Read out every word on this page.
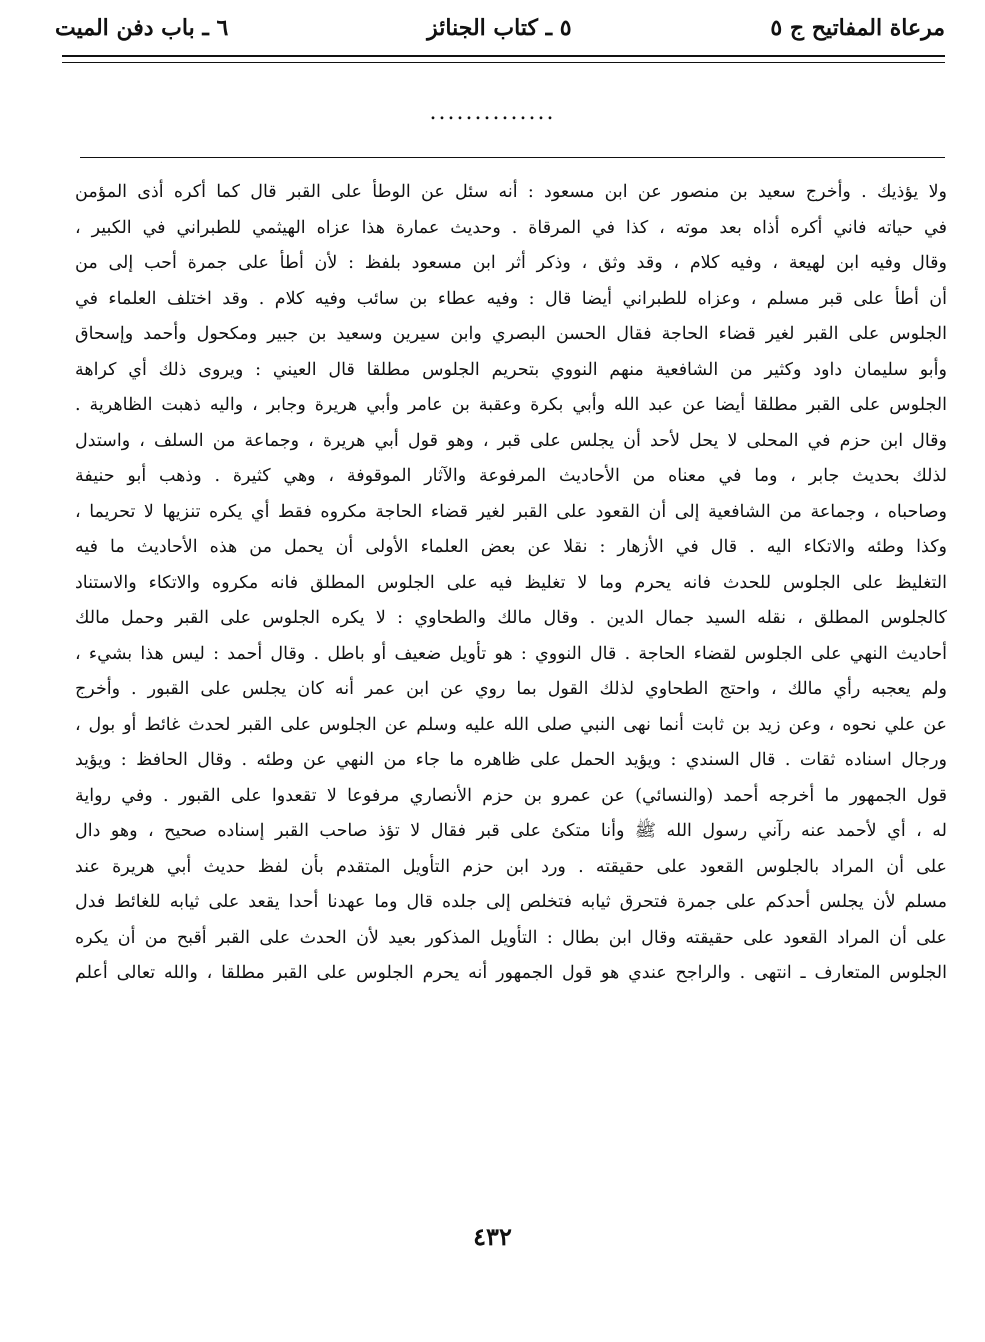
مرعاة المفاتيح ج ٥
٥ ـ كتاب الجنائز
٦ ـ باب دفن الميت
..............
ولا يؤذيك . وأخرج سعيد بن منصور عن ابن مسعود : أنه سئل عن الوطأ على القبر قال كما أكره أذى المؤمن
في حياته فاني أكره أذاه بعد موته ، كذا في المرقاة . وحديث عمارة هذا عزاه الهيثمي للطبراني في الكبير ،
وقال وفيه ابن لهيعة ، وفيه كلام ، وقد وثق ، وذكر أثر ابن مسعود بلفظ : لأن أطأ على جمرة أحب إلى من
أن أطأ على قبر مسلم ، وعزاه للطبراني أيضا قال : وفيه عطاء بن سائب وفيه كلام . وقد اختلف العلماء في
الجلوس على القبر لغير قضاء الحاجة فقال الحسن البصري وابن سيرين وسعيد بن جبير ومكحول وأحمد وإسحاق
وأبو سليمان داود وكثير من الشافعية منهم النووي بتحريم الجلوس مطلقا قال العيني : ويروى ذلك أي كراهة
الجلوس على القبر مطلقا أيضا عن عبد الله وأبي بكرة وعقبة بن عامر وأبي هريرة وجابر ، واليه ذهبت الظاهرية .
وقال ابن حزم في المحلى لا يحل لأحد أن يجلس على قبر ، وهو قول أبي هريرة ، وجماعة من السلف ، واستدل
لذلك بحديث جابر ، وما في معناه من الأحاديث المرفوعة والآثار الموقوفة ، وهي كثيرة . وذهب أبو حنيفة
وصاحباه ، وجماعة من الشافعية إلى أن القعود على القبر لغير قضاء الحاجة مكروه فقط أي يكره تنزيها لا تحريما ،
وكذا وطئه والاتكاء اليه . قال في الأزهار : نقلا عن بعض العلماء الأولى أن يحمل من هذه الأحاديث ما فيه
التغليظ على الجلوس للحدث فانه يحرم وما لا تغليظ فيه على الجلوس المطلق فانه مكروه والاتكاء والاستناد
كالجلوس المطلق ، نقله السيد جمال الدين . وقال مالك والطحاوي : لا يكره الجلوس على القبر وحمل مالك
أحاديث النهي على الجلوس لقضاء الحاجة . قال النووي : هو تأويل ضعيف أو باطل . وقال أحمد : ليس هذا بشيء ،
ولم يعجبه رأي مالك ، واحتج الطحاوي لذلك القول بما روي عن ابن عمر أنه كان يجلس على القبور . وأخرج
عن علي نحوه ، وعن زيد بن ثابت أنما نهى النبي صلى الله عليه وسلم عن الجلوس على القبر لحدث غائط أو بول ،
ورجال اسناده ثقات . قال السندي : ويؤيد الحمل على ظاهره ما جاء من النهي عن وطئه . وقال الحافظ : ويؤيد
قول الجمهور ما أخرجه أحمد (والنسائي) عن عمرو بن حزم الأنصاري مرفوعا لا تقعدوا على القبور . وفي رواية
له ، أي لأحمد عنه رآني رسول الله ﷺ وأنا متكئ على قبر فقال لا تؤذ صاحب القبر إسناده صحيح ، وهو دال
على أن المراد بالجلوس القعود على حقيقته . ورد ابن حزم التأويل المتقدم بأن لفظ حديث أبي هريرة عند
مسلم لأن يجلس أحدكم على جمرة فتحرق ثيابه فتخلص إلى جلده قال وما عهدنا أحدا يقعد على ثيابه للغائط فدل
على أن المراد القعود على حقيقته وقال ابن بطال : التأويل المذكور بعيد لأن الحدث على القبر أقبح من أن يكره
الجلوس المتعارف ـ انتهى . والراجح عندي هو قول الجمهور أنه يحرم الجلوس على القبر مطلقا ، والله تعالى أعلم
٤٣٢
